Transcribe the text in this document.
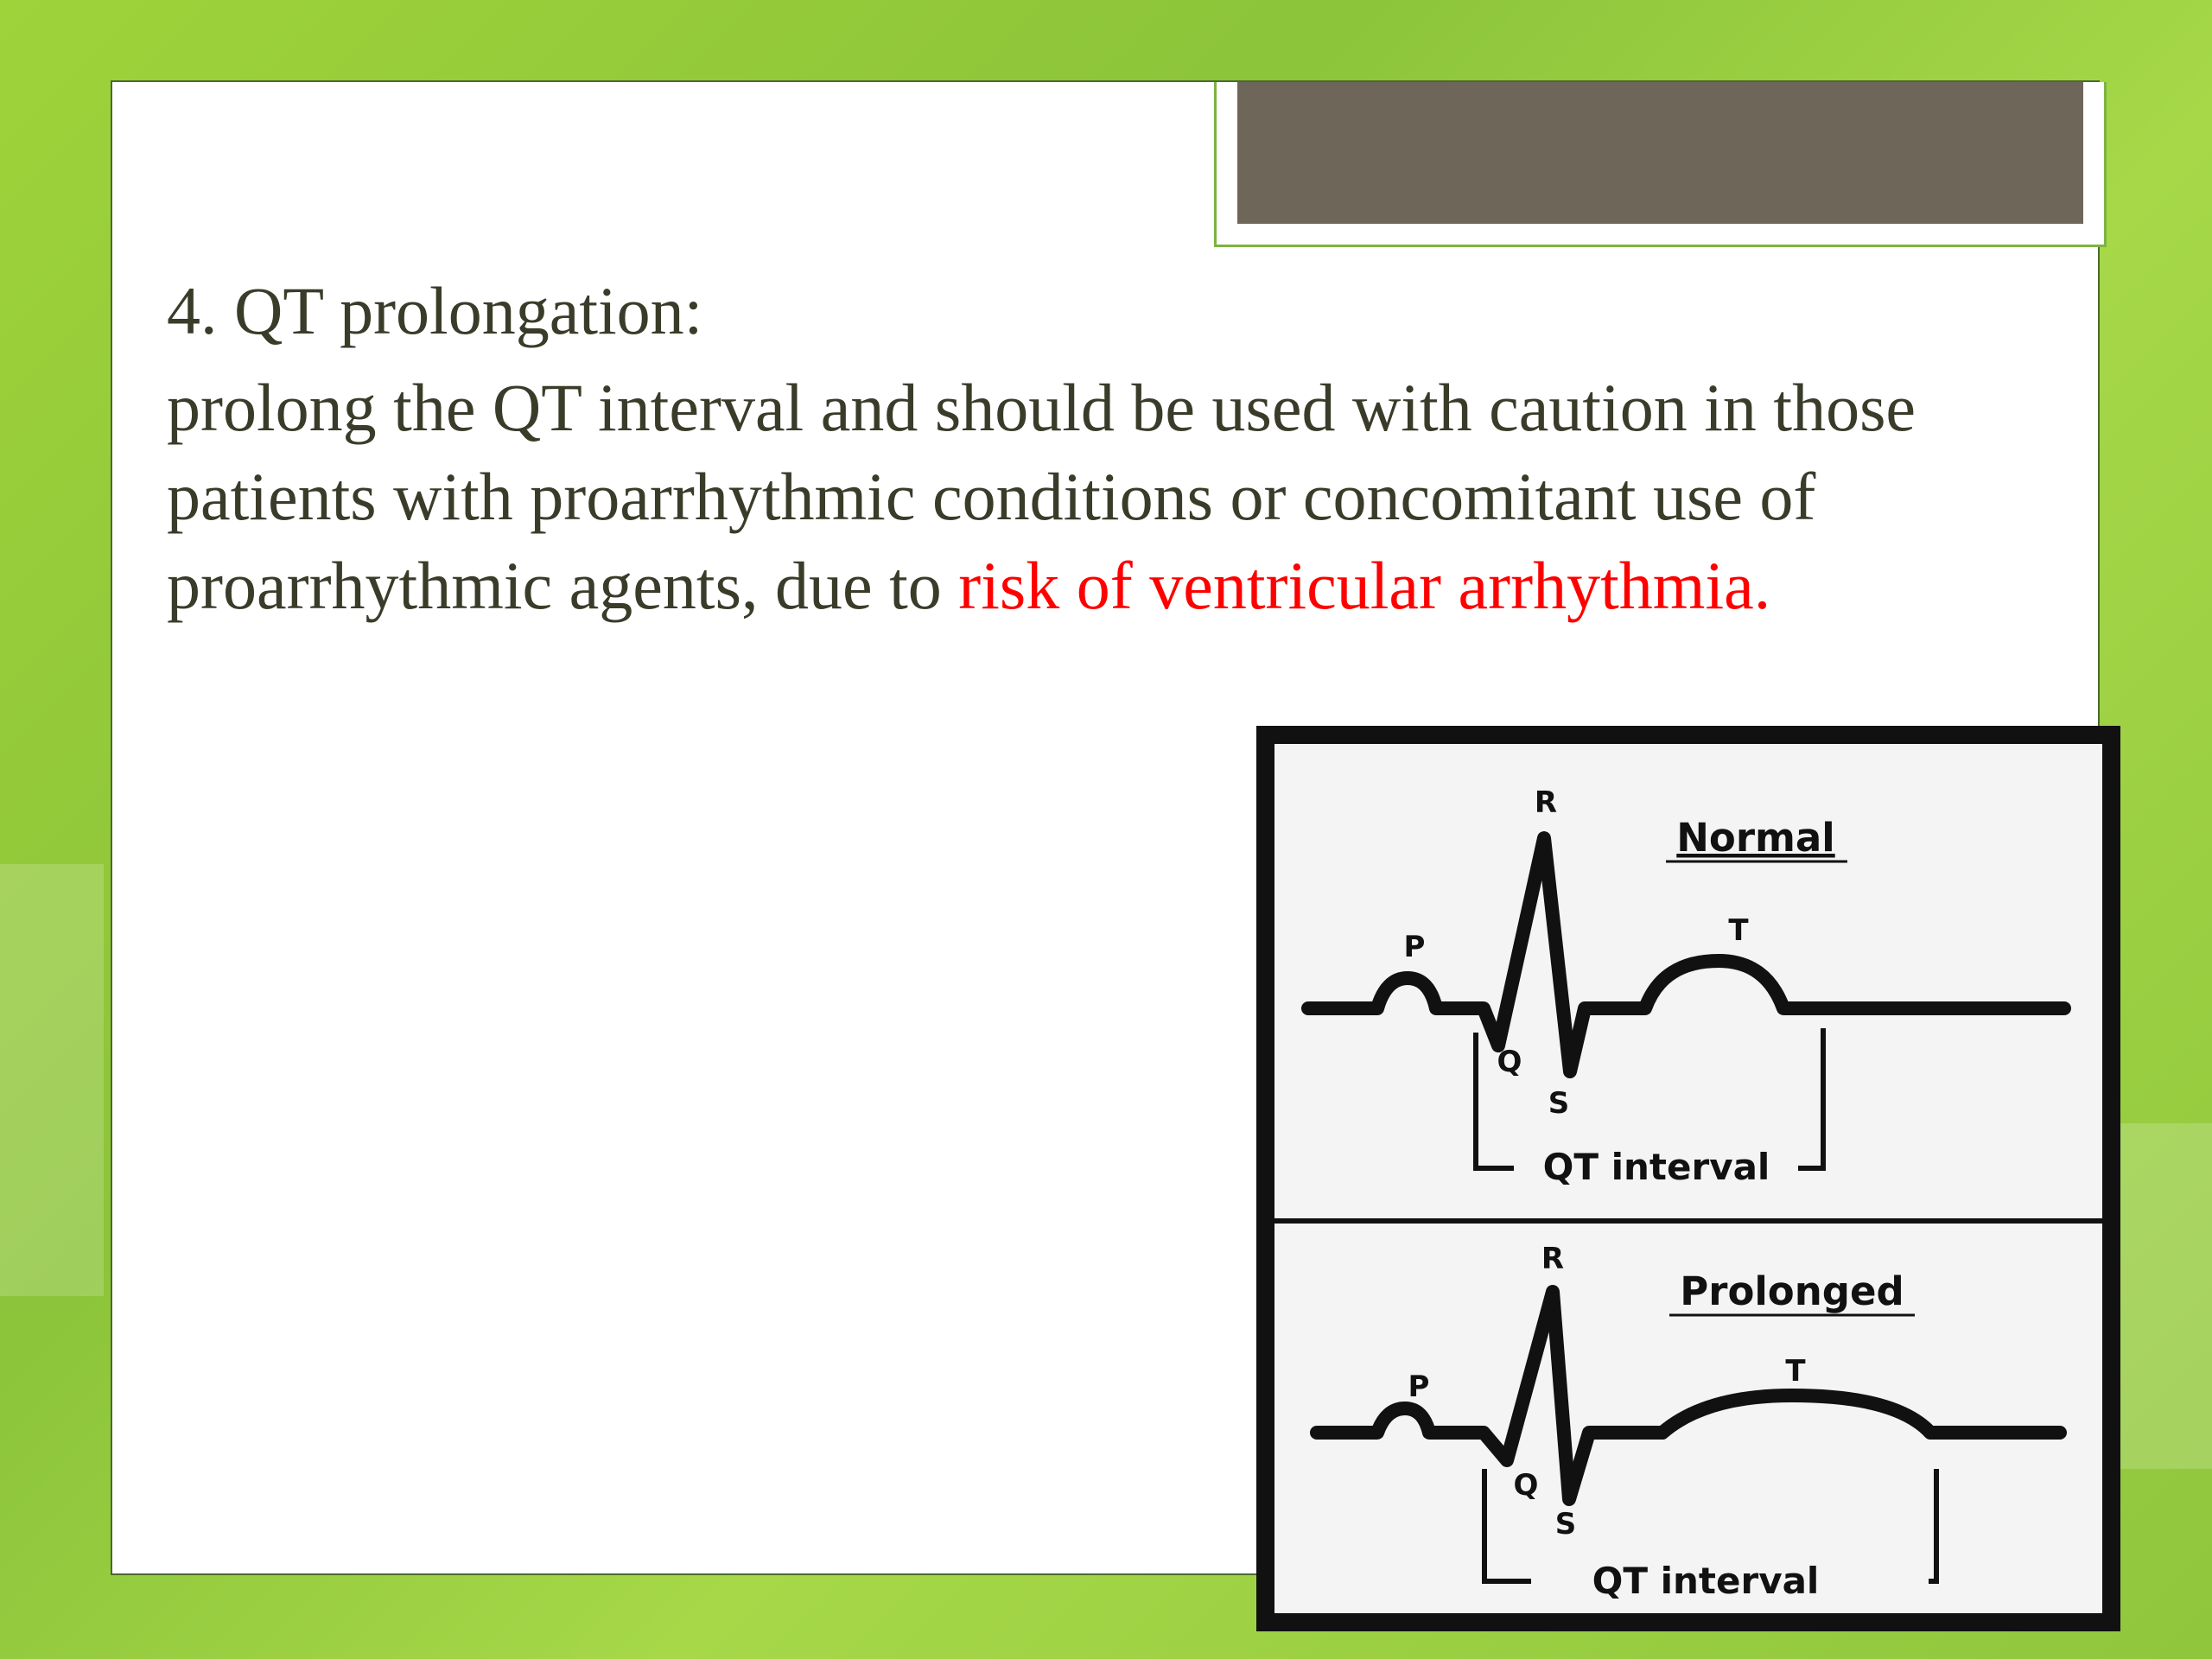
4. QT prolongation:

prolong the QT interval and should be used with caution in those patients with proarrhythmic conditions or concomitant use of proarrhythmic agents, due to risk of ventricular arrhythmia.

Normal
R
P	T
Q
S
QT interval
Prolonged
R
P	T
Q
S
QT interval
